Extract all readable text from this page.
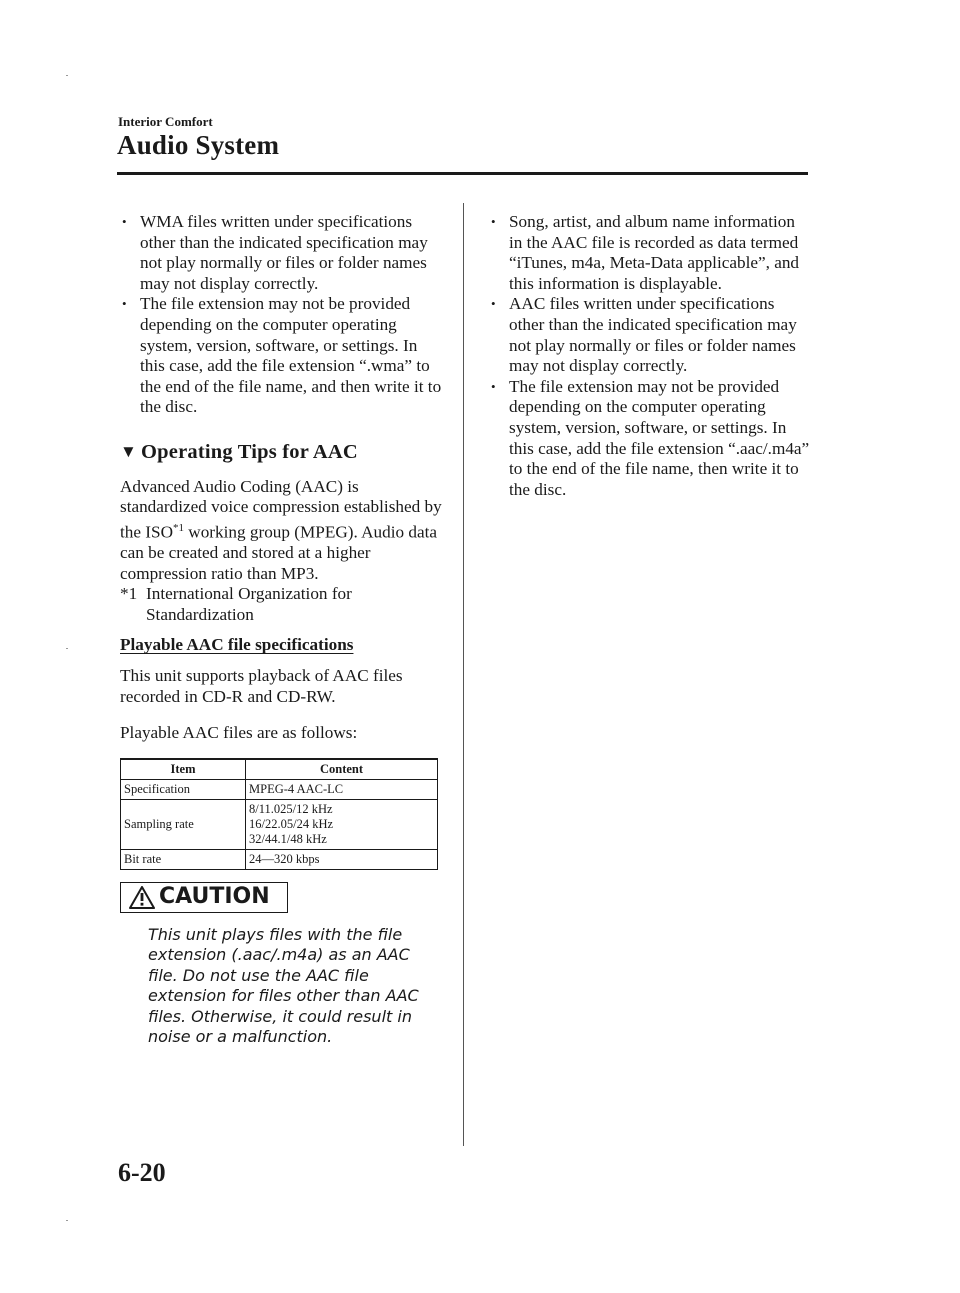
Interior Comfort
Audio System
• WMA files written under specifications other than the indicated specification may not play normally or files or folder names may not display correctly.
• The file extension may not be provided depending on the computer operating system, version, software, or settings. In this case, add the file extension “.wma” to the end of the file name, and then write it to the disc.
▼ Operating Tips for AAC

Advanced Audio Coding (AAC) is standardized voice compression established by the ISO$^{*1}$ working group (MPEG). Audio data can be created and stored at a higher compression ratio than MP3.

*1 International Organization for Standardization
Playable AAC file specifications

This unit supports playback of AAC files recorded in CD-R and CD-RW.

Playable AAC files are as follows:

Item	Content
Specification	MPEG-4 AAC-LC
Sampling rate	8/11.025/12 kHz
16/22.05/24 kHz
32/44.1/48 kHz

Bit rate	24―320 kbps
CAUTION
This unit plays files with the file extension (.aac/.m4a) as an AAC file. Do not use the AAC file extension for files other than AAC files. Otherwise, it could result in noise or a malfunction.
• Song, artist, and album name information in the AAC file is recorded as data termed “iTunes, m4a, Meta-Data applicable”, and this information is displayable.
• AAC files written under specifications other than the indicated specification may not play normally or files or folder names may not display correctly.
• The file extension may not be provided depending on the computer operating system, version, software, or settings. In this case, add the file extension “.aac/.m4a” to the end of the file name, then write it to the disc.
6-20
